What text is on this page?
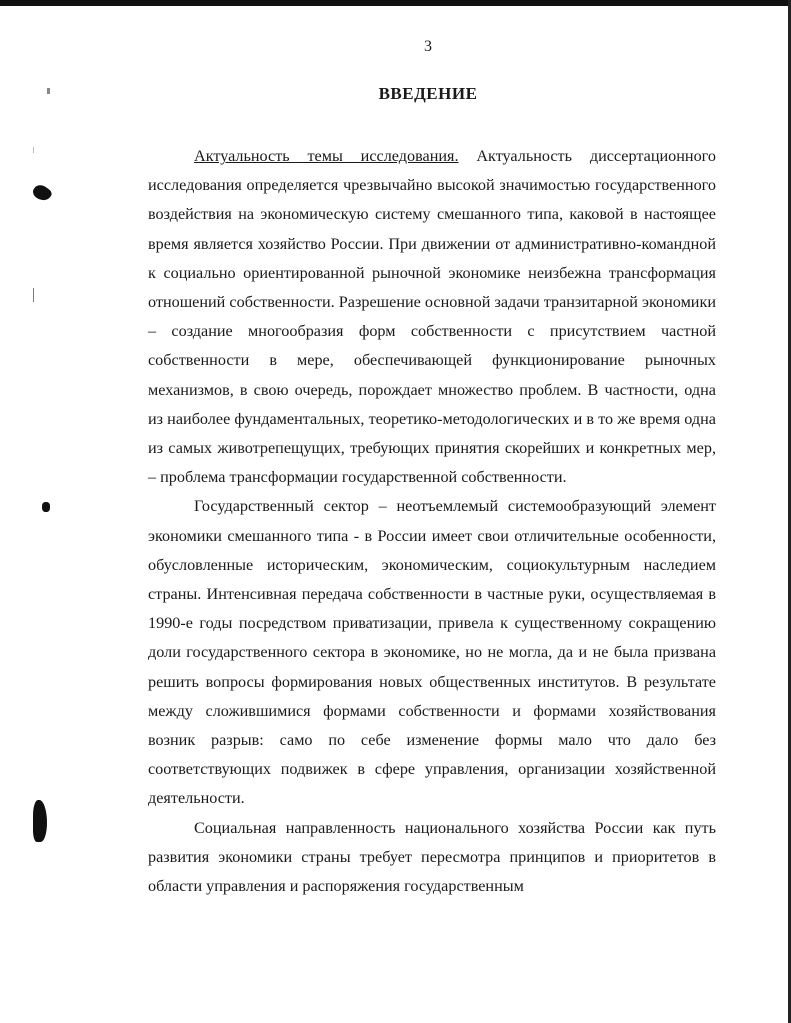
3
ВВЕДЕНИЕ

Актуальность темы исследования. Актуальность диссертационного исследования определяется чрезвычайно высокой значимостью государственного воздействия на экономическую систему смешанного типа, каковой в настоящее время является хозяйство России. При движении от административно-командной к социально ориентированной рыночной экономике неизбежна трансформация отношений собственности. Разрешение основной задачи транзитарной экономики – создание многообразия форм собственности с присутствием частной собственности в мере, обеспечивающей функционирование рыночных механизмов, в свою очередь, порождает множество проблем. В частности, одна из наиболее фундаментальных, теоретико-методологических и в то же время одна из самых животрепещущих, требующих принятия скорейших и конкретных мер, – проблема трансформации государственной собственности.

Государственный сектор – неотъемлемый системообразующий элемент экономики смешанного типа - в России имеет свои отличительные особенности, обусловленные историческим, экономическим, социокультурным наследием страны. Интенсивная передача собственности в частные руки, осуществляемая в 1990-е годы посредством приватизации, привела к существенному сокращению доли государственного сектора в экономике, но не могла, да и не была призвана решить вопросы формирования новых общественных институтов. В результате между сложившимися формами собственности и формами хозяйствования возник разрыв: само по себе изменение формы мало что дало без соответствующих подвижек в сфере управления, организации хозяйственной деятельности.

Социальная направленность национального хозяйства России как путь развития экономики страны требует пересмотра принципов и приоритетов в области управления и распоряжения государственным
